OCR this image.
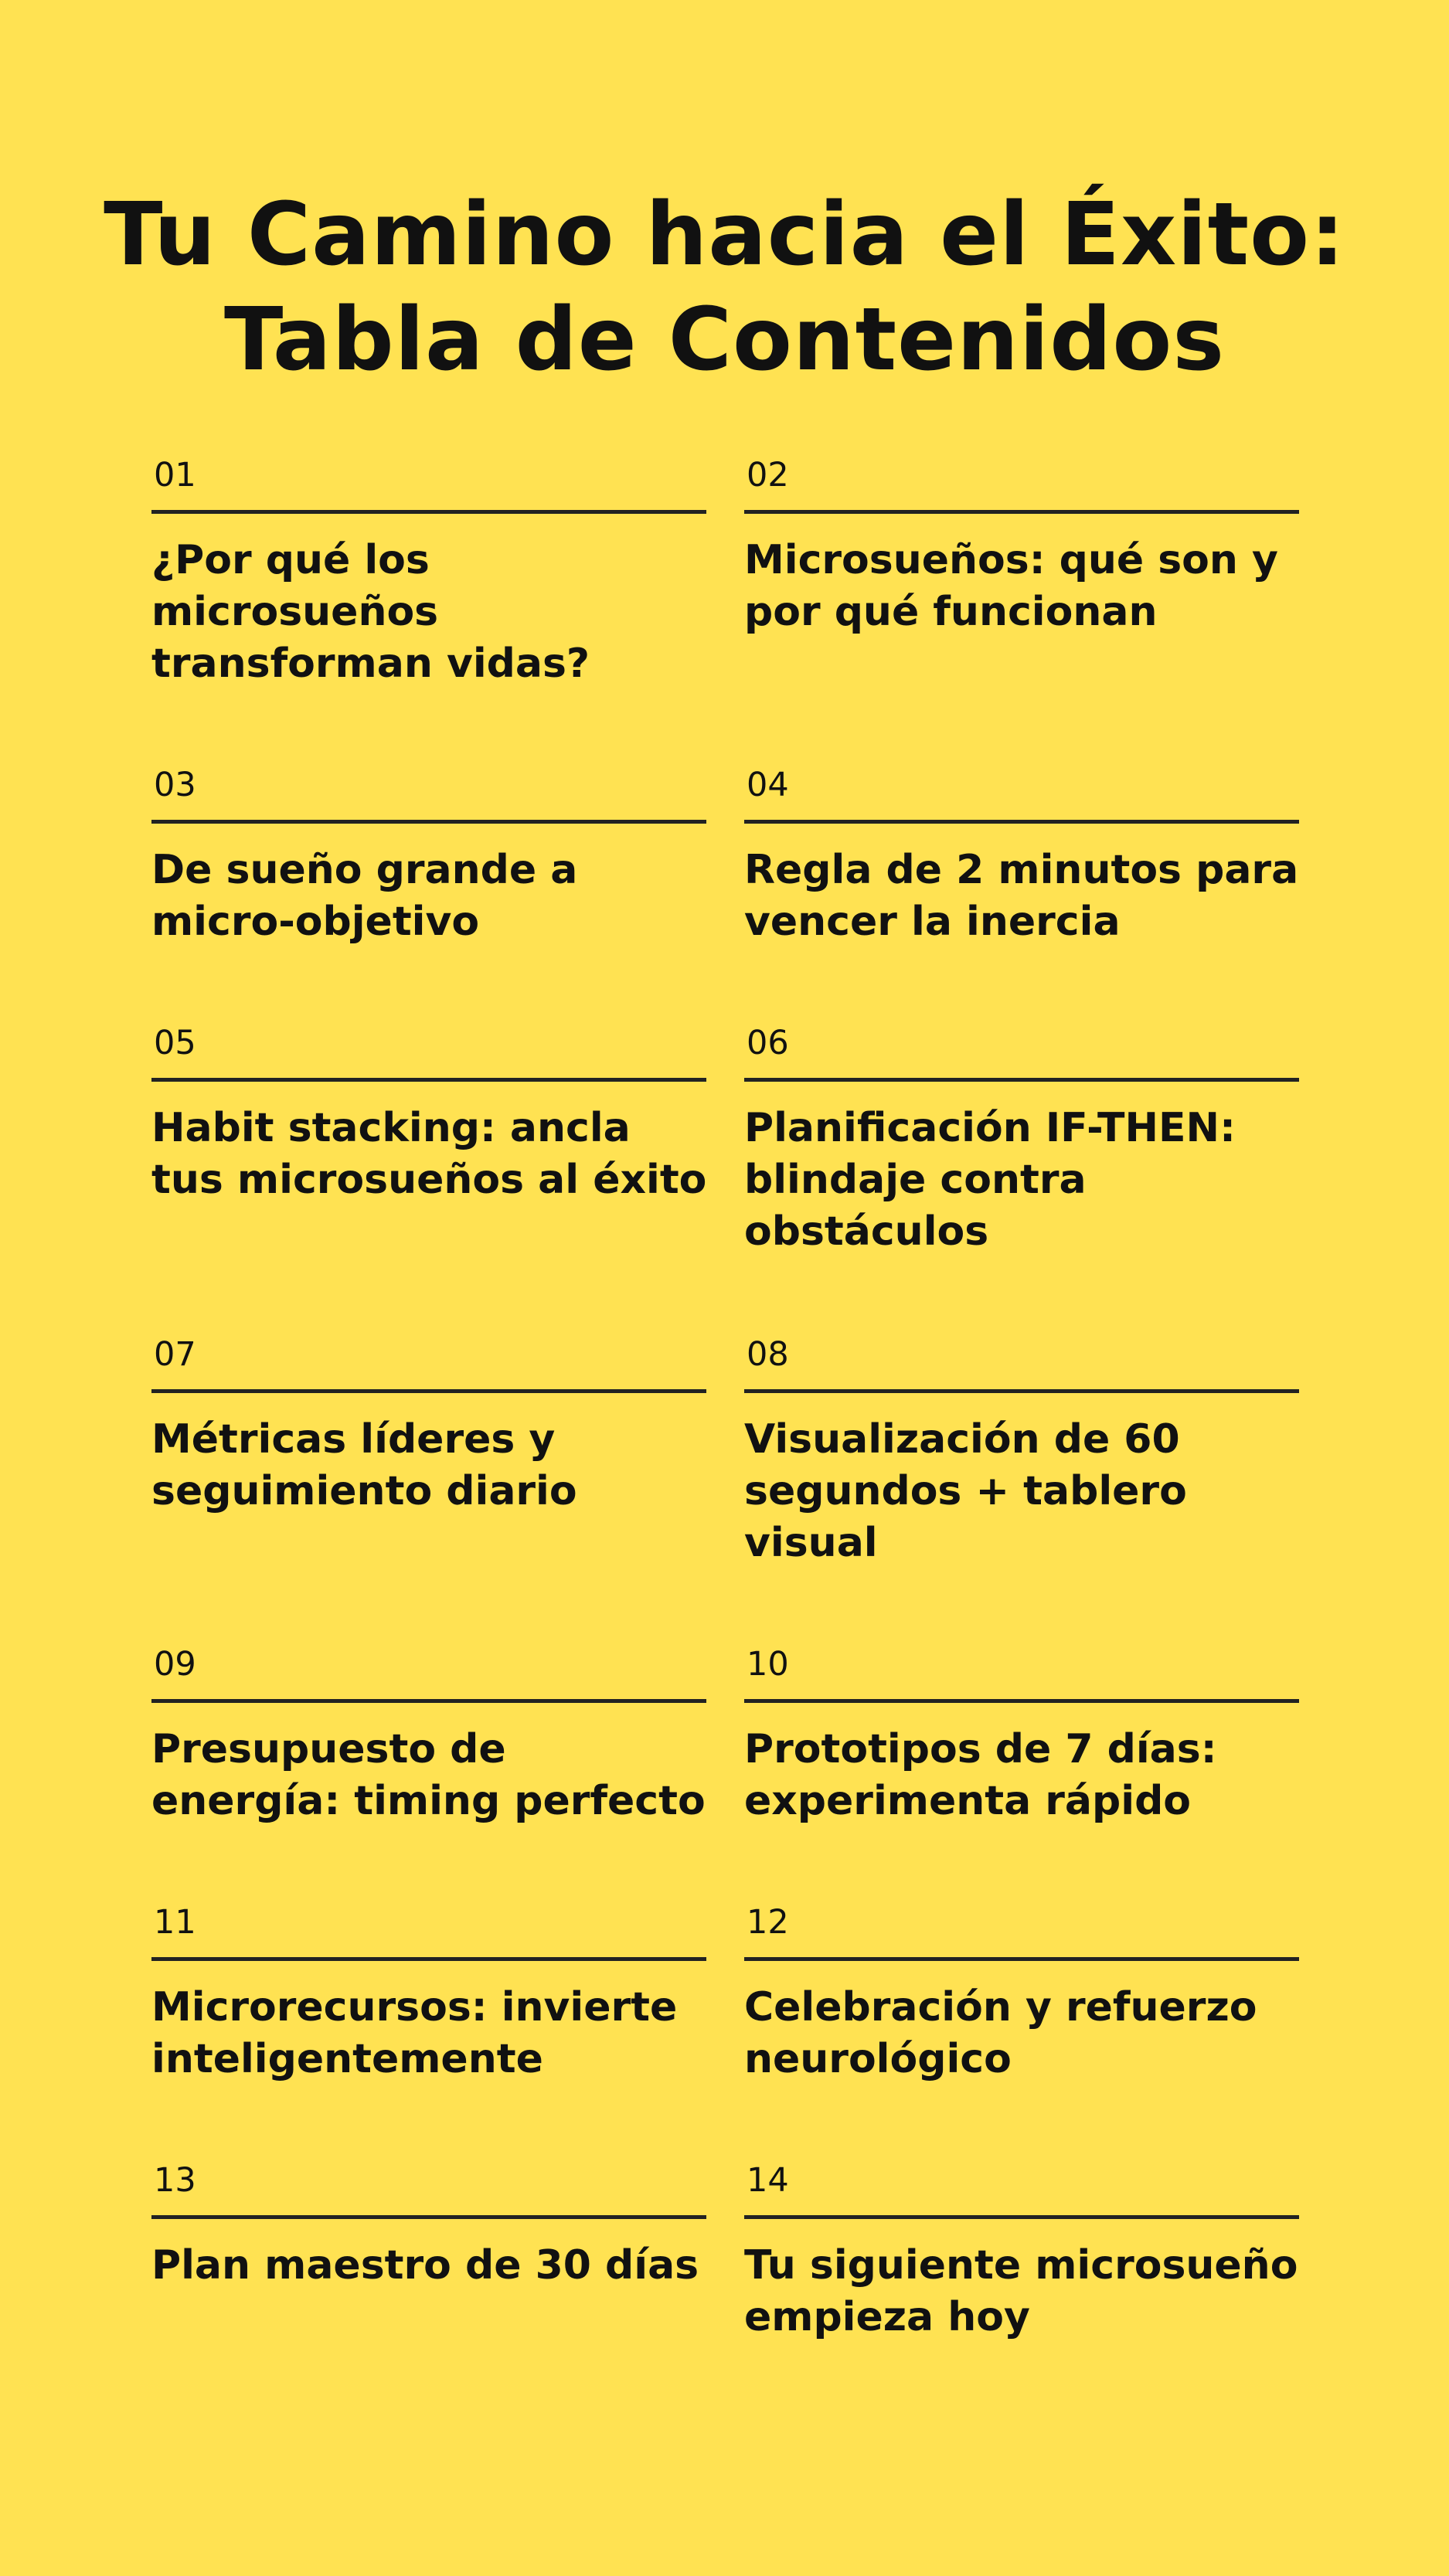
Tu Camino hacia el Éxito:
Tabla de Contenidos
01
¿Por qué los microsueños transforman vidas?
02
Microsueños: qué son y por qué funcionan
03
De sueño grande a micro-objetivo
04
Regla de 2 minutos para vencer la inercia
05
Habit stacking: ancla tus microsueños al éxito
06
Planificación IF-THEN: blindaje contra obstáculos
07
Métricas líderes y seguimiento diario
08
Visualización de 60 segundos + tablero visual
09
Presupuesto de energía: timing perfecto
10
Prototipos de 7 días: experimenta rápido
11
Microrecursos: invierte inteligentemente
12
Celebración y refuerzo neurológico
13
Plan maestro de 30 días
14
Tu siguiente microsueño empieza hoy
